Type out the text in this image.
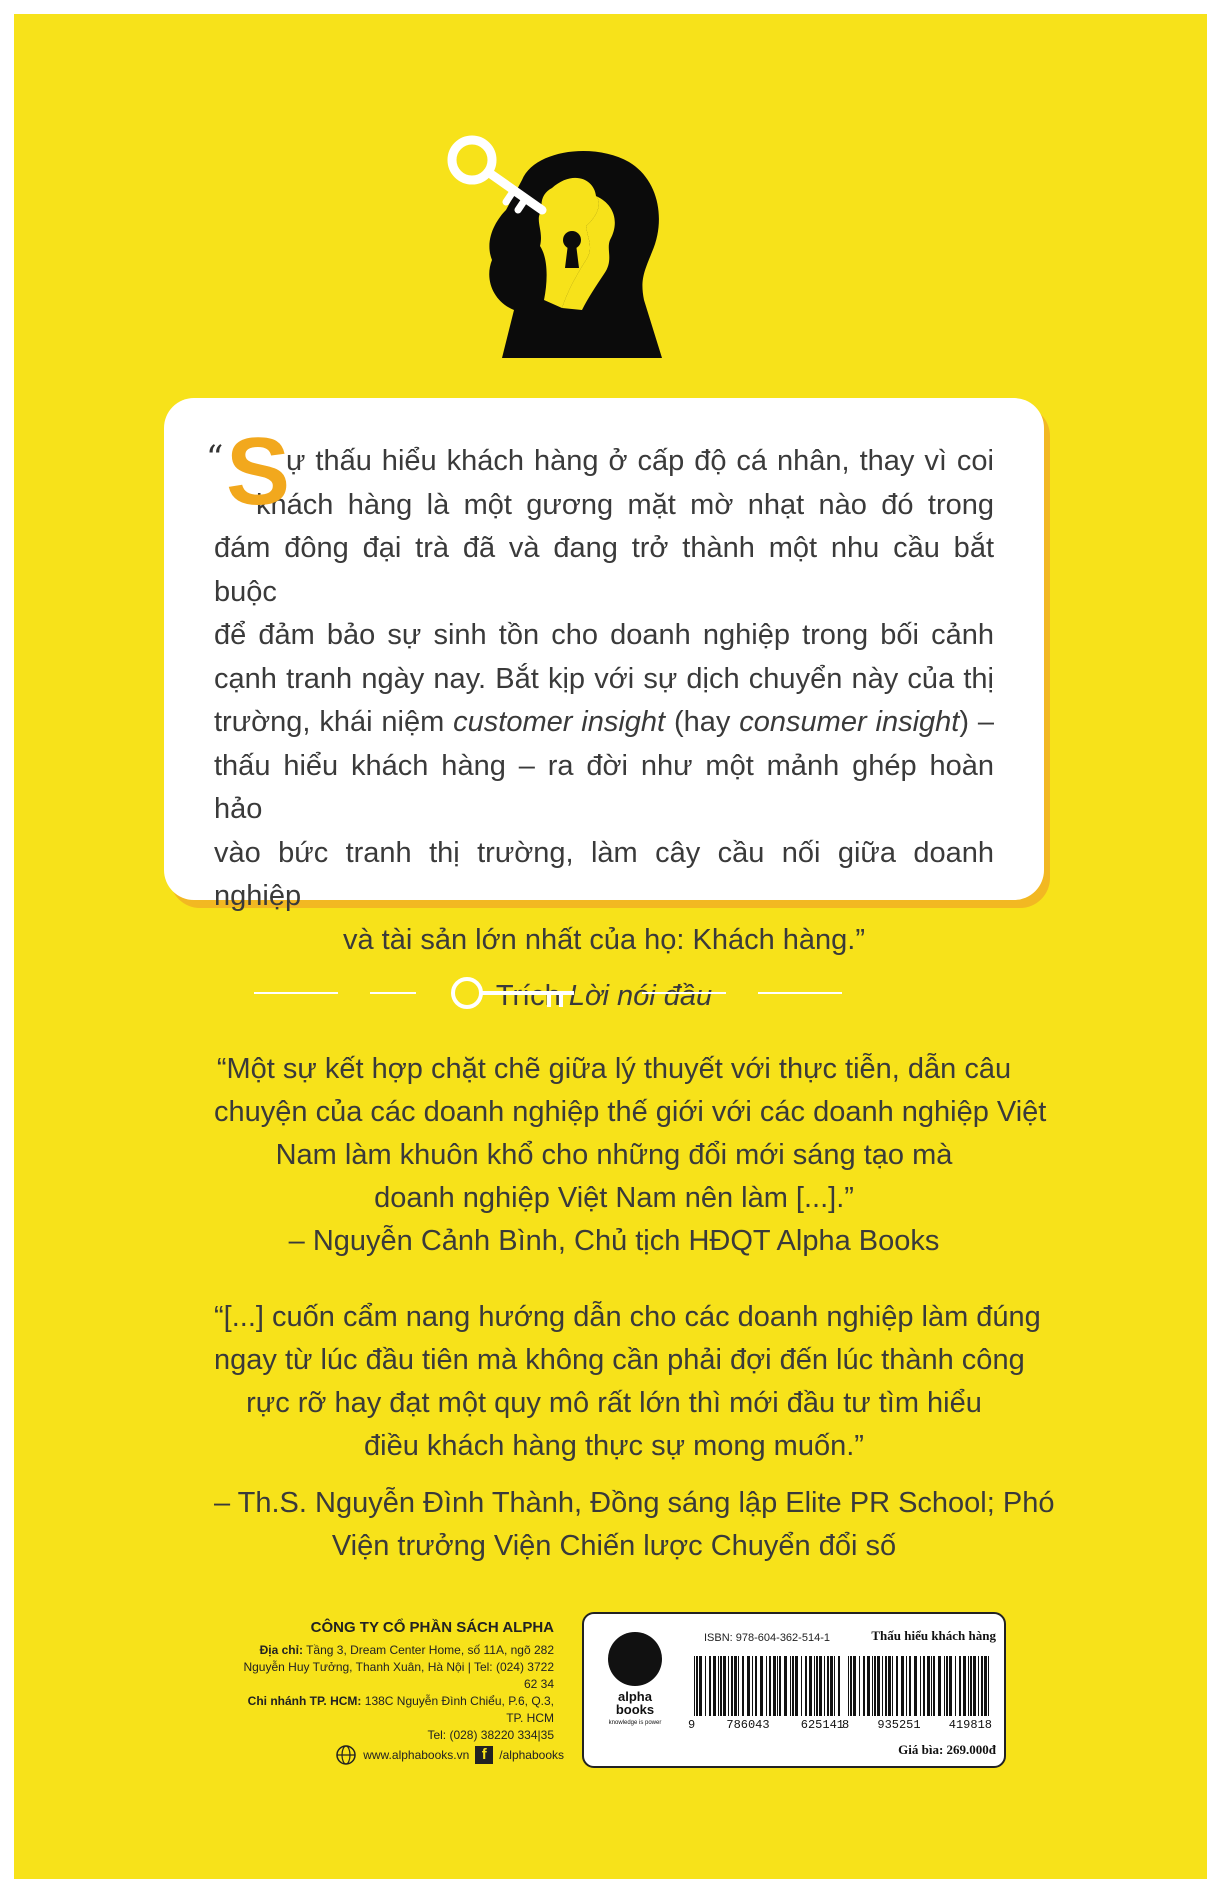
“ S
ự thấu hiểu khách hàng ở cấp độ cá nhân, thay vì coi
khách hàng là một gương mặt mờ nhạt nào đó trong
đám đông đại trà đã và đang trở thành một nhu cầu bắt buộc
để đảm bảo sự sinh tồn cho doanh nghiệp trong bối cảnh
cạnh tranh ngày nay. Bắt kịp với sự dịch chuyển này của thị
trường, khái niệm customer insight (hay consumer insight) –
thấu hiểu khách hàng – ra đời như một mảnh ghép hoàn hảo
vào bức tranh thị trường, làm cây cầu nối giữa doanh nghiệp
và tài sản lớn nhất của họ: Khách hàng.”
Trích Lời nói đầu
“Một sự kết hợp chặt chẽ giữa lý thuyết với thực tiễn, dẫn câu
chuyện của các doanh nghiệp thế giới với các doanh nghiệp Việt
Nam làm khuôn khổ cho những đổi mới sáng tạo mà
doanh nghiệp Việt Nam nên làm [...].”
– Nguyễn Cảnh Bình, Chủ tịch HĐQT Alpha Books
“[...] cuốn cẩm nang hướng dẫn cho các doanh nghiệp làm đúng
ngay từ lúc đầu tiên mà không cần phải đợi đến lúc thành công
rực rỡ hay đạt một quy mô rất lớn thì mới đầu tư tìm hiểu
điều khách hàng thực sự mong muốn.”
– Th.S. Nguyễn Đình Thành, Đồng sáng lập Elite PR School; Phó
Viện trưởng Viện Chiến lược Chuyển đổi số
CÔNG TY CỔ PHẦN SÁCH ALPHA
Địa chỉ: Tầng 3, Dream Center Home, số 11A, ngõ 282
Nguyễn Huy Tưởng, Thanh Xuân, Hà Nội | Tel: (024) 3722 62 34
Chi nhánh TP. HCM: 138C Nguyễn Đình Chiểu, P.6, Q.3, TP. HCM
Tel: (028) 38220 334|35
www.alphabooks.vn f	/alphabooks
alpha
books
knowledge is power
ISBN: 978-604-362-514-1	Thấu hiểu khách hàng
9	786043	625141
8 935251 419818
Giá bìa: 269.000đ
